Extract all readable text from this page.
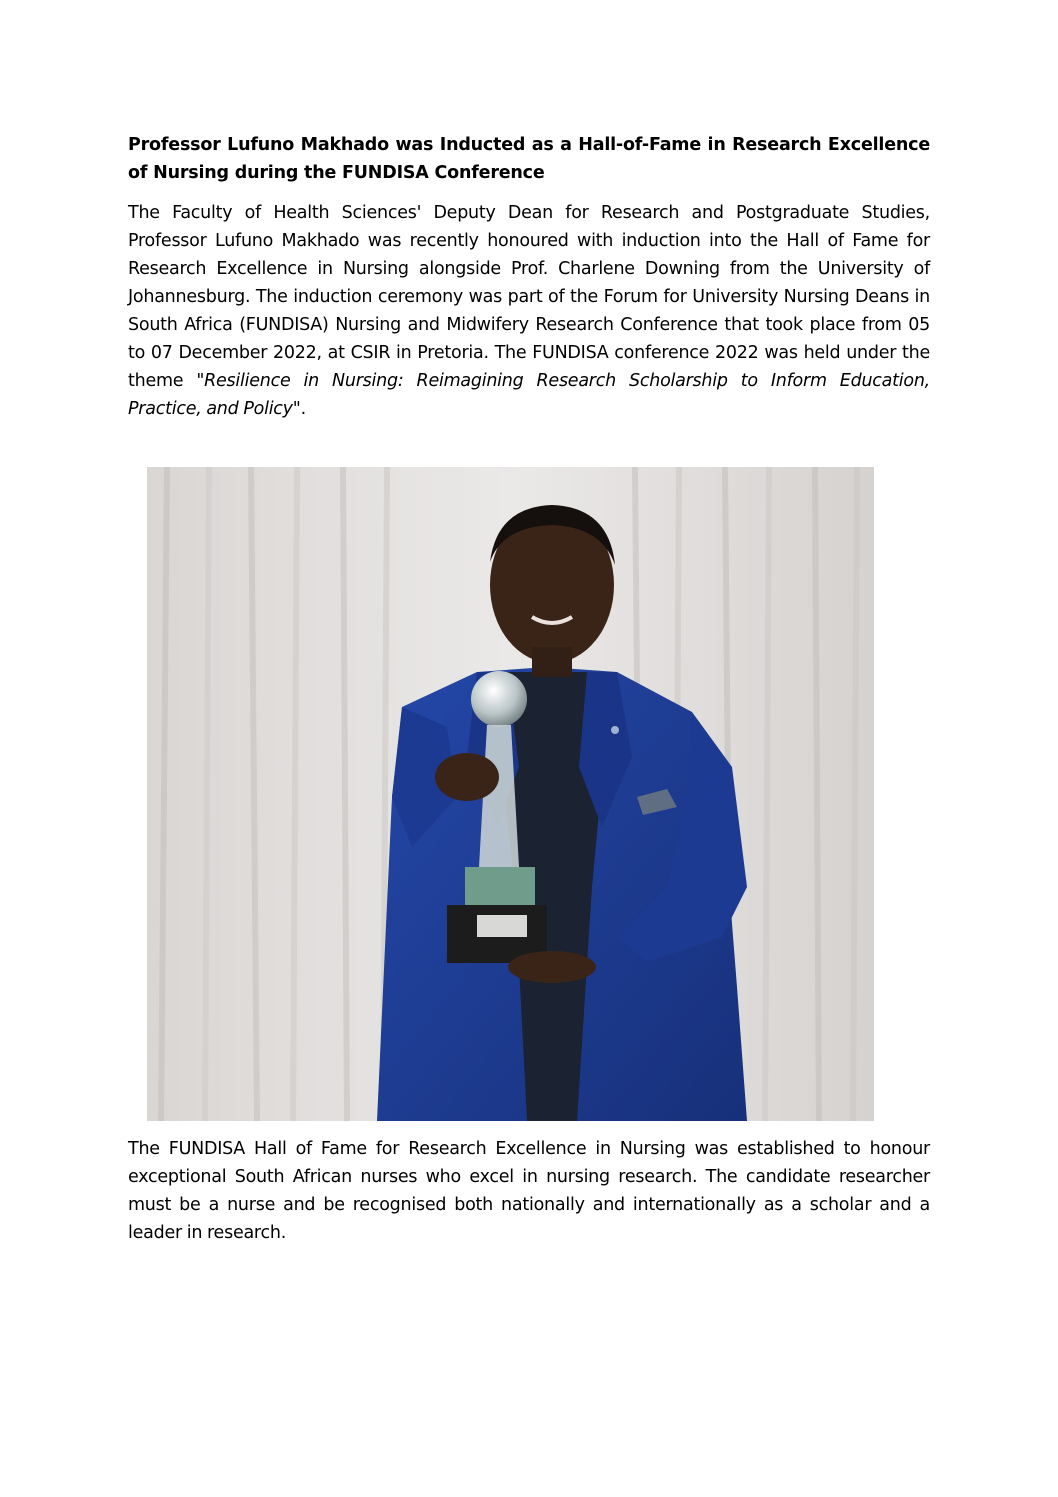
Professor Lufuno Makhado was Inducted as a Hall-of-Fame in Research Excellence of Nursing during the FUNDISA Conference

The Faculty of Health Sciences' Deputy Dean for Research and Postgraduate Studies, Professor Lufuno Makhado was recently honoured with induction into the Hall of Fame for Research Excellence in Nursing alongside Prof. Charlene Downing from the University of Johannesburg. The induction ceremony was part of the Forum for University Nursing Deans in South Africa (FUNDISA) Nursing and Midwifery Research Conference that took place from 05 to 07 December 2022, at CSIR in Pretoria. The FUNDISA conference 2022 was held under the theme "Resilience in Nursing: Reimagining Research Scholarship to Inform Education, Practice, and Policy".

The FUNDISA Hall of Fame for Research Excellence in Nursing was established to honour exceptional South African nurses who excel in nursing research. The candidate researcher must be a nurse and be recognised both nationally and internationally as a scholar and a leader in research.
